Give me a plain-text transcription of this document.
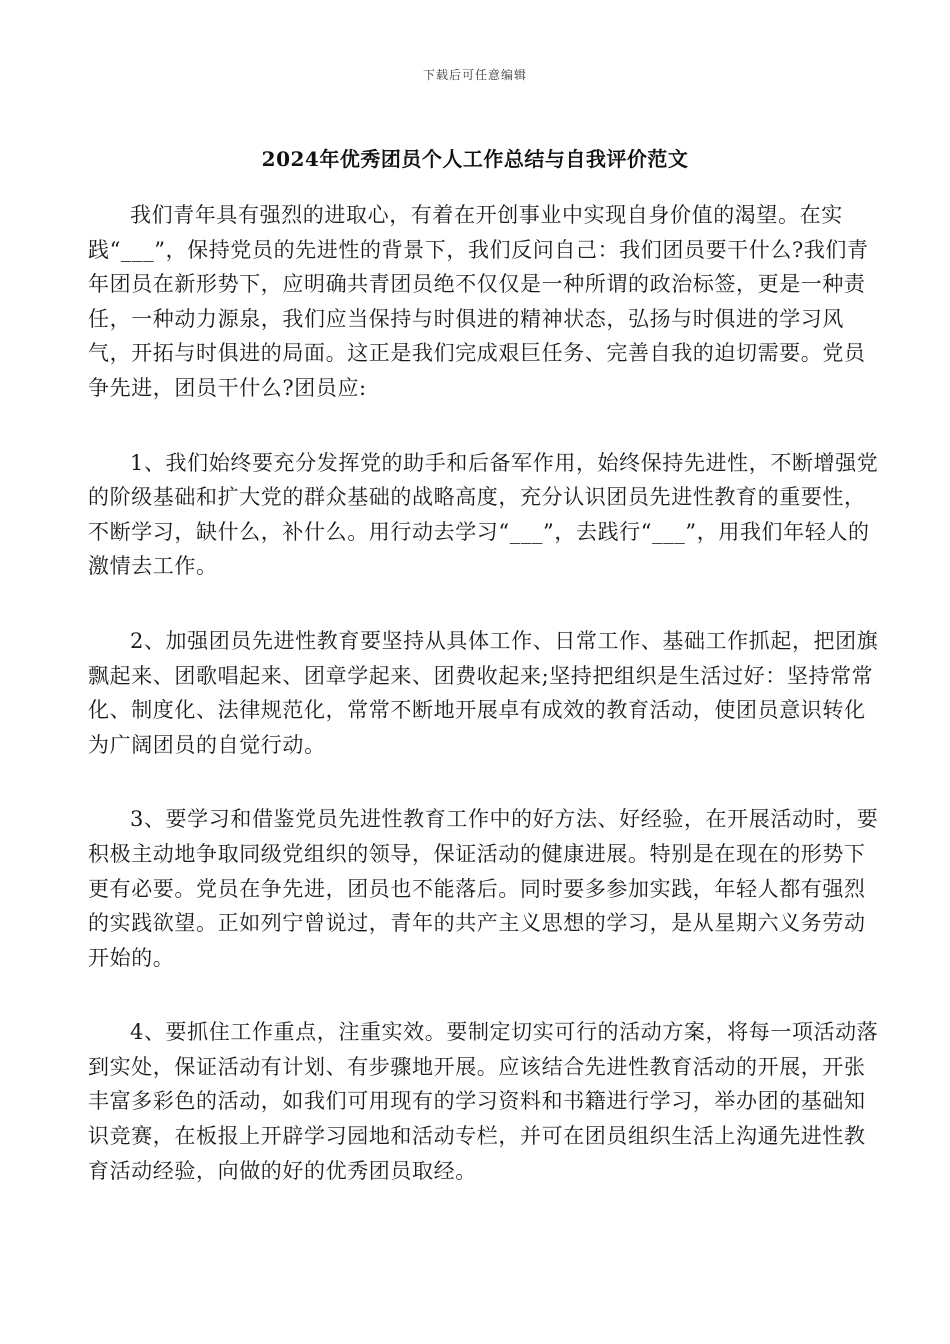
下载后可任意编辑
2024年优秀团员个人工作总结与自我评价范文

我们青年具有强烈的进取心，有着在开创事业中实现自身价值的渴望。在实践“___”，保持党员的先进性的背景下，我们反问自己：我们团员要干什么?我们青年团员在新形势下，应明确共青团员绝不仅仅是一种所谓的政治标签，更是一种责任，一种动力源泉，我们应当保持与时俱进的精神状态，弘扬与时俱进的学习风气，开拓与时俱进的局面。这正是我们完成艰巨任务、完善自我的迫切需要。党员争先进，团员干什么?团员应:

1、我们始终要充分发挥党的助手和后备军作用，始终保持先进性，不断增强党的阶级基础和扩大党的群众基础的战略高度，充分认识团员先进性教育的重要性，不断学习，缺什么，补什么。用行动去学习“___”，去践行“___”，用我们年轻人的激情去工作。

2、加强团员先进性教育要坚持从具体工作、日常工作、基础工作抓起，把团旗飘起来、团歌唱起来、团章学起来、团费收起来;坚持把组织是生活过好：坚持常常化、制度化、法律规范化，常常不断地开展卓有成效的教育活动，使团员意识转化为广阔团员的自觉行动。

3、要学习和借鉴党员先进性教育工作中的好方法、好经验，在开展活动时，要积极主动地争取同级党组织的领导，保证活动的健康进展。特别是在现在的形势下更有必要。党员在争先进，团员也不能落后。同时要多参加实践，年轻人都有强烈的实践欲望。正如列宁曾说过，青年的共产主义思想的学习，是从星期六义务劳动开始的。

4、要抓住工作重点，注重实效。要制定切实可行的活动方案，将每一项活动落到实处，保证活动有计划、有步骤地开展。应该结合先进性教育活动的开展，开张丰富多彩色的活动，如我们可用现有的学习资料和书籍进行学习，举办团的基础知识竞赛，在板报上开辟学习园地和活动专栏，并可在团员组织生活上沟通先进性教育活动经验，向做的好的优秀团员取经。
